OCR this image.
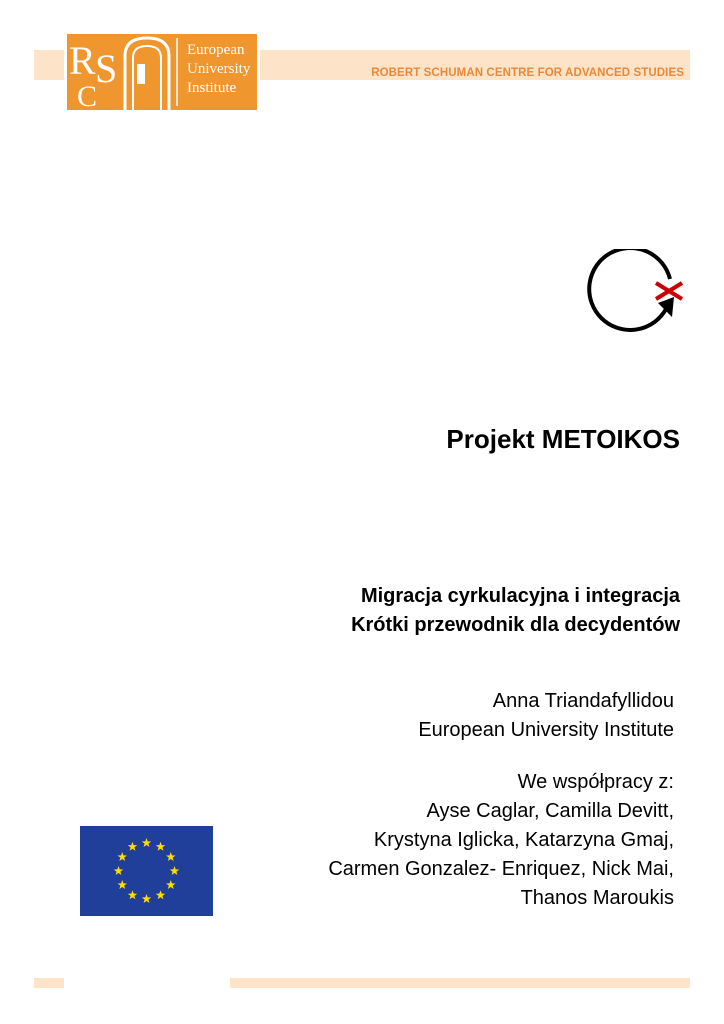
R S
C
European
University
Institute
ROBERT SCHUMAN CENTRE FOR ADVANCED STUDIES
Projekt METOIKOS
Migracja cyrkulacyjna i integracja
Krótki przewodnik dla decydentów
Anna Triandafyllidou
European University Institute
We współpracy z:
Ayse Caglar, Camilla Devitt,
Krystyna Iglicka, Katarzyna Gmaj,
Carmen Gonzalez- Enriquez, Nick Mai,
Thanos Maroukis
